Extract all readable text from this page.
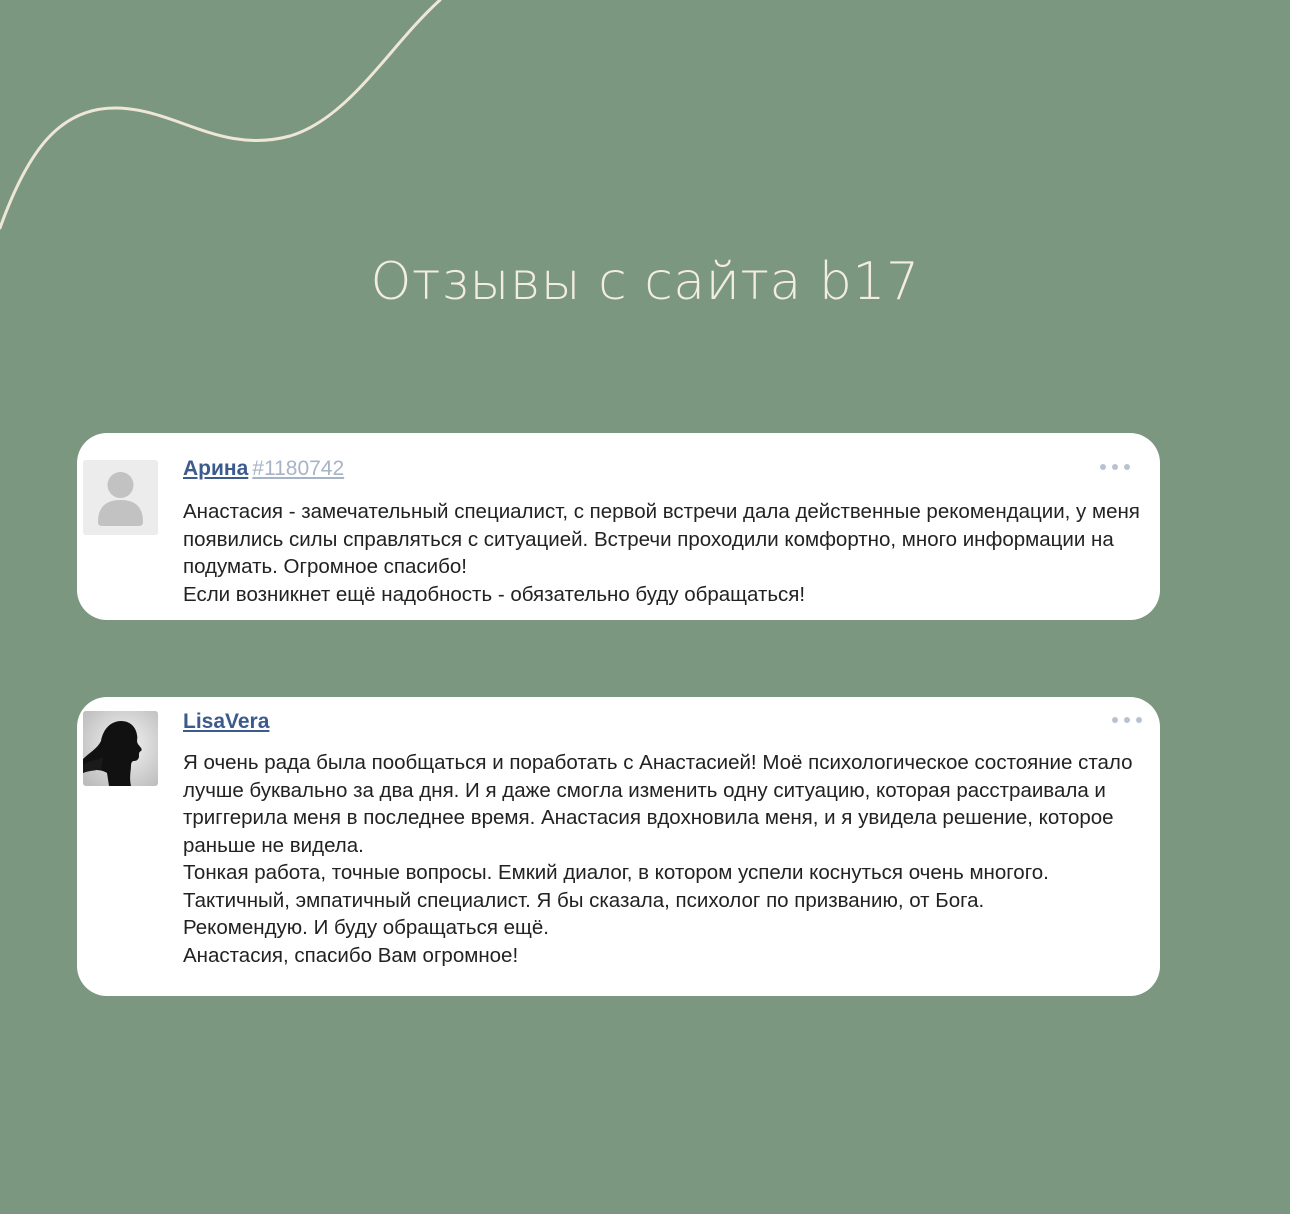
Отзывы с сайта b17
Арина #1180742

Анастасия - замечательный специалист, с первой встречи дала действенные рекомендации, у меня появились силы справляться с ситуацией. Встречи проходили комфортно, много информации на подумать. Огромное спасибо!

Если возникнет ещё надобность - обязательно буду обращаться!

LisaVera

Я очень рада была пообщаться и поработать с Анастасией! Моё психологическое состояние стало лучше буквально за два дня. И я даже смогла изменить одну ситуацию, которая расстраивала и триггерила меня в последнее время. Анастасия вдохновила меня, и я увидела решение, которое раньше не видела.

Тонкая работа, точные вопросы. Емкий диалог, в котором успели коснуться очень многого. Тактичный, эмпатичный специалист. Я бы сказала, психолог по призванию, от Бога.

Рекомендую. И буду обращаться ещё.

Анастасия, спасибо Вам огромное!
